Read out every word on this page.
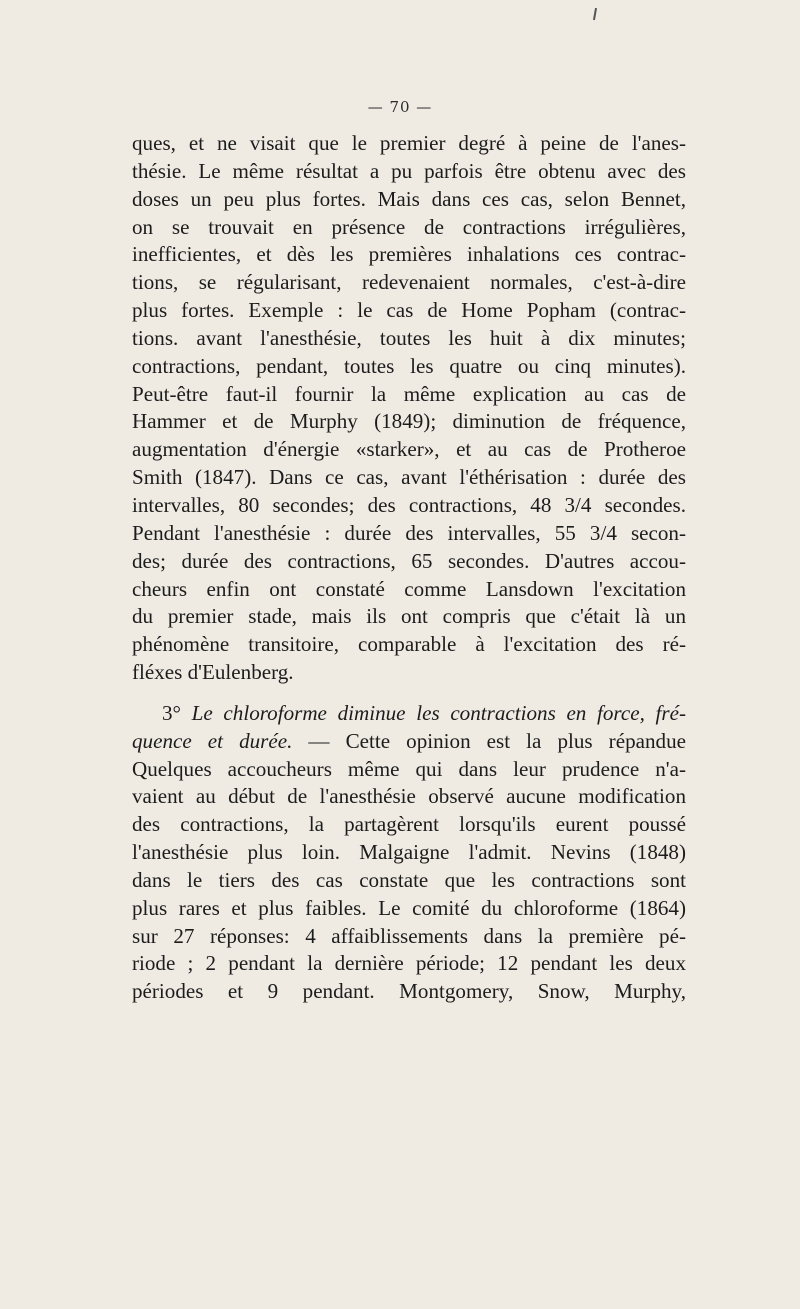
— 70 —
ques, et ne visait que le premier degré à peine de l'anes-
thésie. Le même résultat a pu parfois être obtenu avec des
doses un peu plus fortes. Mais dans ces cas, selon Bennet,
on se trouvait en présence de contractions irrégulières,
inefficientes, et dès les premières inhalations ces contrac-
tions, se régularisant, redevenaient normales, c'est-à-dire
plus fortes. Exemple : le cas de Home Popham (contrac-
tions. avant l'anesthésie, toutes les huit à dix minutes;
contractions, pendant, toutes les quatre ou cinq minutes).
Peut-être faut-il fournir la même explication au cas de
Hammer et de Murphy (1849); diminution de fréquence,
augmentation d'énergie «starker», et au cas de Protheroe
Smith (1847). Dans ce cas, avant l'éthérisation : durée des
intervalles, 80 secondes; des contractions, 48 3/4 secondes.
Pendant l'anesthésie : durée des intervalles, 55 3/4 secon-
des; durée des contractions, 65 secondes. D'autres accou-
cheurs enfin ont constaté comme Lansdown l'excitation
du premier stade, mais ils ont compris que c'était là un
phénomène transitoire, comparable à l'excitation des ré-
fléxes d'Eulenberg.
3° Le chloroforme diminue les contractions en force, fré-
quence et durée. — Cette opinion est la plus répandue
Quelques accoucheurs même qui dans leur prudence n'a-
vaient au début de l'anesthésie observé aucune modification
des contractions, la partagèrent lorsqu'ils eurent poussé
l'anesthésie plus loin. Malgaigne l'admit. Nevins (1848)
dans le tiers des cas constate que les contractions sont
plus rares et plus faibles. Le comité du chloroforme (1864)
sur 27 réponses: 4 affaiblissements dans la première pé-
riode ; 2 pendant la dernière période; 12 pendant les deux
périodes et 9 pendant. Montgomery, Snow, Murphy,
